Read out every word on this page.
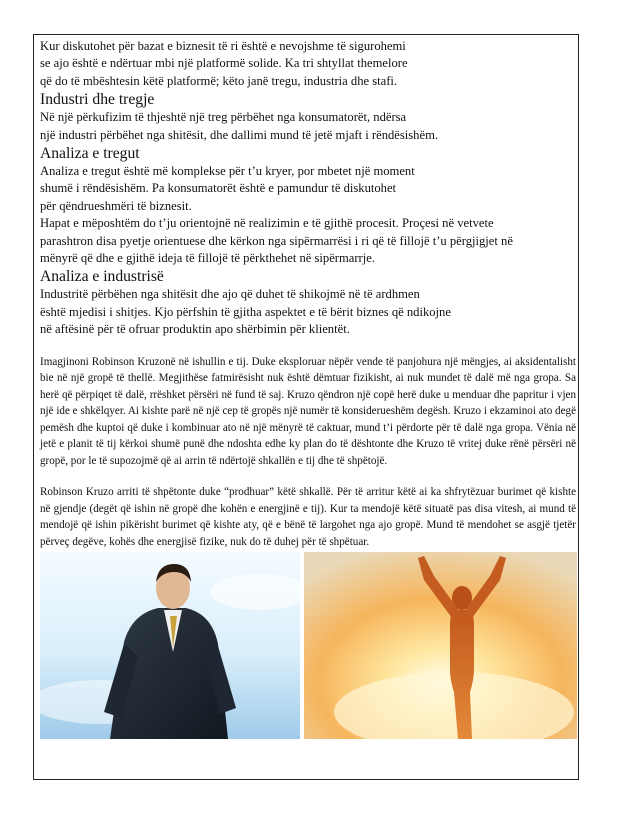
Kur diskutohet për bazat e biznesit të ri është e nevojshme të sigurohemi
se ajo është e ndërtuar mbi një platformë solide. Ka tri shtyllat themelore
që do të mbështesin këtë platformë; këto janë tregu, industria dhe stafi.
Industri dhe tregje
Në një përkufizim të thjeshtë një treg përbëhet nga konsumatorët, ndërsa
një industri përbëhet nga shitësit, dhe dallimi mund të jetë mjaft i rëndësishëm.
Analiza e tregut
Analiza e tregut është më komplekse për t’u kryer, por mbetet një moment
shumë i rëndësishëm. Pa konsumatorët është e pamundur të diskutohet
për qëndrueshmëri të biznesit.
Hapat e mëposhtëm do t’ju orientojnë në realizimin e të gjithë procesit. Proçesi në vetvete
parashtron disa pyetje orientuese dhe kërkon nga sipërmarrësi i ri që të fillojë t’u përgjigjet në
mënyrë që dhe e gjithë ideja të fillojë të përkthehet në sipërmarrje.
Analiza e industrisë
Industritë përbëhen nga shitësit dhe ajo që duhet të shikojmë në të ardhmen
është mjedisi i shitjes. Kjo përfshin të gjitha aspektet e të bërit biznes që ndikojne
në aftësinë për të ofruar produktin apo shërbimin për klientët.

Imagjinoni Robinson Kruzonë në ishullin e tij. Duke eksploruar nëpër vende të panjohura një mëngjes, ai aksidentalisht bie në një gropë të thellë. Megjithëse fatmirësisht nuk është dëmtuar fizikisht, ai nuk mundet të dalë më nga gropa. Sa herë që përpiqet të dalë, rrëshket përsëri në fund të saj. Kruzo qëndron një copë herë duke u menduar dhe papritur i vjen një ide e shkëlqyer. Ai kishte parë në një cep të gropës një numër të konsiderueshëm degësh. Kruzo i ekzaminoi ato degë pemësh dhe kuptoi që duke i kombinuar ato në një mënyrë të caktuar, mund t’i përdorte për të dalë nga gropa. Vënia në jetë e planit të tij kërkoi shumë punë dhe ndoshta edhe ky plan do të dështonte dhe Kruzo të vritej duke rënë përsëri në gropë, por le të supozojmë që ai arrin të ndërtojë shkallën e tij dhe të shpëtojë.

Robinson Kruzo arriti të shpëtonte duke “prodhuar” këtë shkallë. Për të arritur këtë ai ka shfrytëzuar burimet që kishte në gjendje (degët që ishin në gropë dhe kohën e energjinë e tij). Kur ta mendojë këtë situatë pas disa vitesh, ai mund të mendojë që ishin pikërisht burimet që kishte aty, që e bënë të largohet nga ajo gropë. Mund të mendohet se asgjë tjetër përveç degëve, kohës dhe energjisë fizike, nuk do të duhej për të shpëtuar.
